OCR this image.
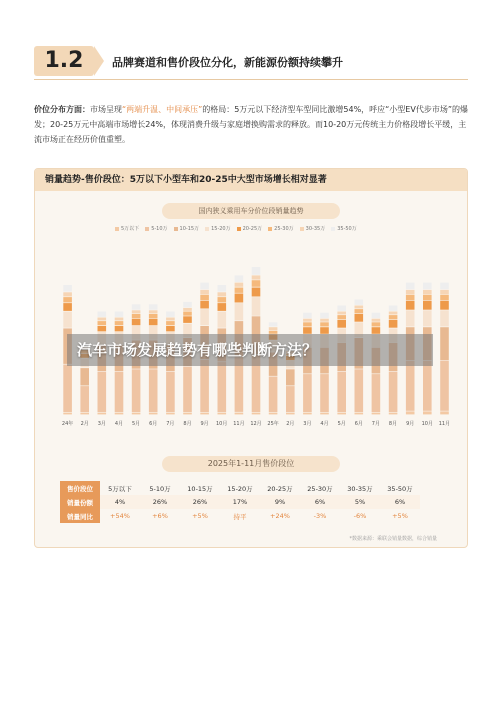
1.2	品牌赛道和售价段位分化，新能源份额持续攀升
价位分布方面：市场呈现“两端升温、中间承压”的格局：5万元以下经济型车型同比激增54%，呼应“小型EV代步市场”的爆发；20-25万元中高端市场增长24%，体现消费升级与家庭增换购需求的释放。而10-20万元传统主力价格段增长平缓，主流市场正在经历价值重塑。
销量趋势-售价段位：5万以下小型车和20-25中大型市场增长相对显著
国内狭义乘用车分价位段销量趋势
5万以下 5-10万 10-15万 15-20万 20-25万 25-30万 30-35万 35-50万
24年 2月 3月 4月 5月 6月 7月 8月 9月 10月 11月 12月 25年 2月 3月 4月 5月 6月 7月 8月 9月 10月 11月
2025年1-11月售价段位
售价段位	5万以下	5-10万	10-15万	15-20万	20-25万	25-30万	30-35万	35-50万
销量份额	4%	26%	26%	17%	9%	6%	5%	6%
销量同比	+54%	+6%	+5%	持平	+24%	-3%	-6%	+5%
*数据来源：乘联会销量数据，综合销量
汽车市场发展趋势有哪些判断方法？
